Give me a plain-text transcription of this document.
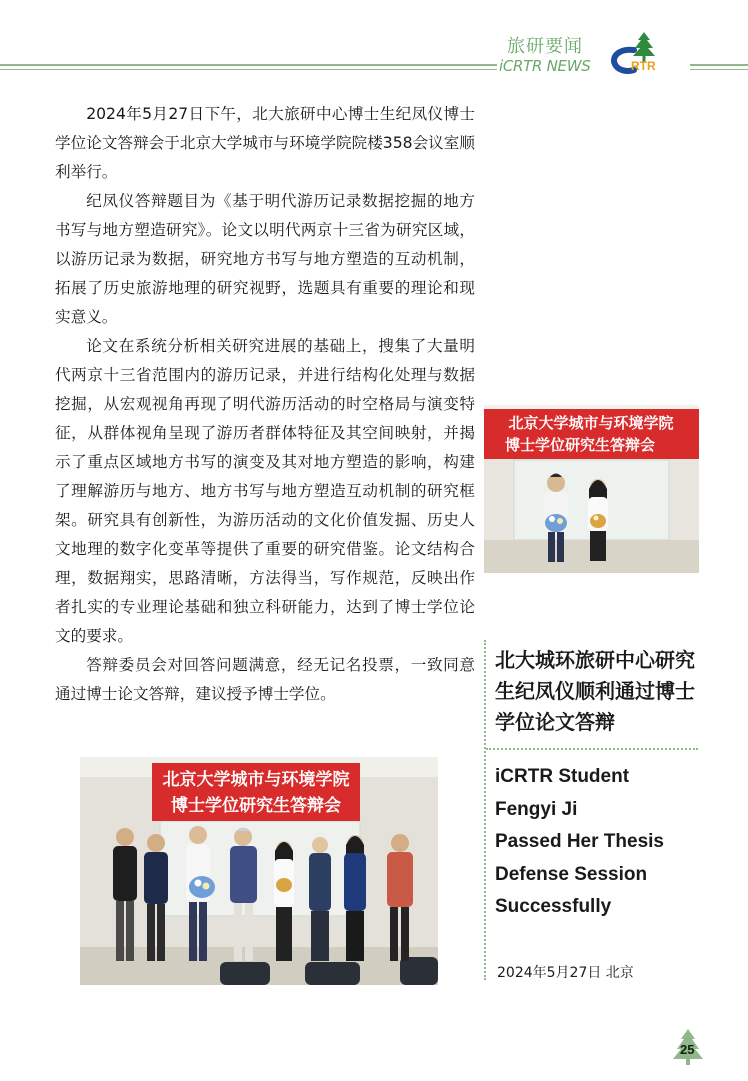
旅研要闻
iCRTR NEWS	RTR

2024年5月27日下午，北大旅研中心博士生纪凤仪博士学位论文答辩会于北京大学城市与环境学院院楼358会议室顺利举行。

纪凤仪答辩题目为《基于明代游历记录数据挖掘的地方书写与地方塑造研究》。论文以明代两京十三省为研究区域，以游历记录为数据，研究地方书写与地方塑造的互动机制，拓展了历史旅游地理的研究视野，选题具有重要的理论和现实意义。

论文在系统分析相关研究进展的基础上，搜集了大量明代两京十三省范围内的游历记录，并进行结构化处理与数据挖掘，从宏观视角再现了明代游历活动的时空格局与演变特征，从群体视角呈现了游历者群体特征及其空间映射，并揭示了重点区域地方书写的演变及其对地方塑造的影响，构建了理解游历与地方、地方书写与地方塑造互动机制的研究框架。研究具有创新性，为游历活动的文化价值发掘、历史人文地理的数字化变革等提供了重要的研究借鉴。论文结构合理，数据翔实，思路清晰，方法得当，写作规范，反映出作者扎实的专业理论基础和独立科研能力，达到了博士学位论文的要求。

答辩委员会对回答问题满意，经无记名投票，一致同意通过博士论文答辩，建议授予博士学位。

北京大学城市与环境学院
博士学位研究生答辩会
北京大学城市与环境学院
博士学位研究生答辩会
北大城环旅研中心研究生纪凤仪顺利通过博士学位论文答辩
iCRTR Student
Fengyi Ji
Passed Her Thesis
Defense Session
Successfully
2024年5月27日 北京
25
